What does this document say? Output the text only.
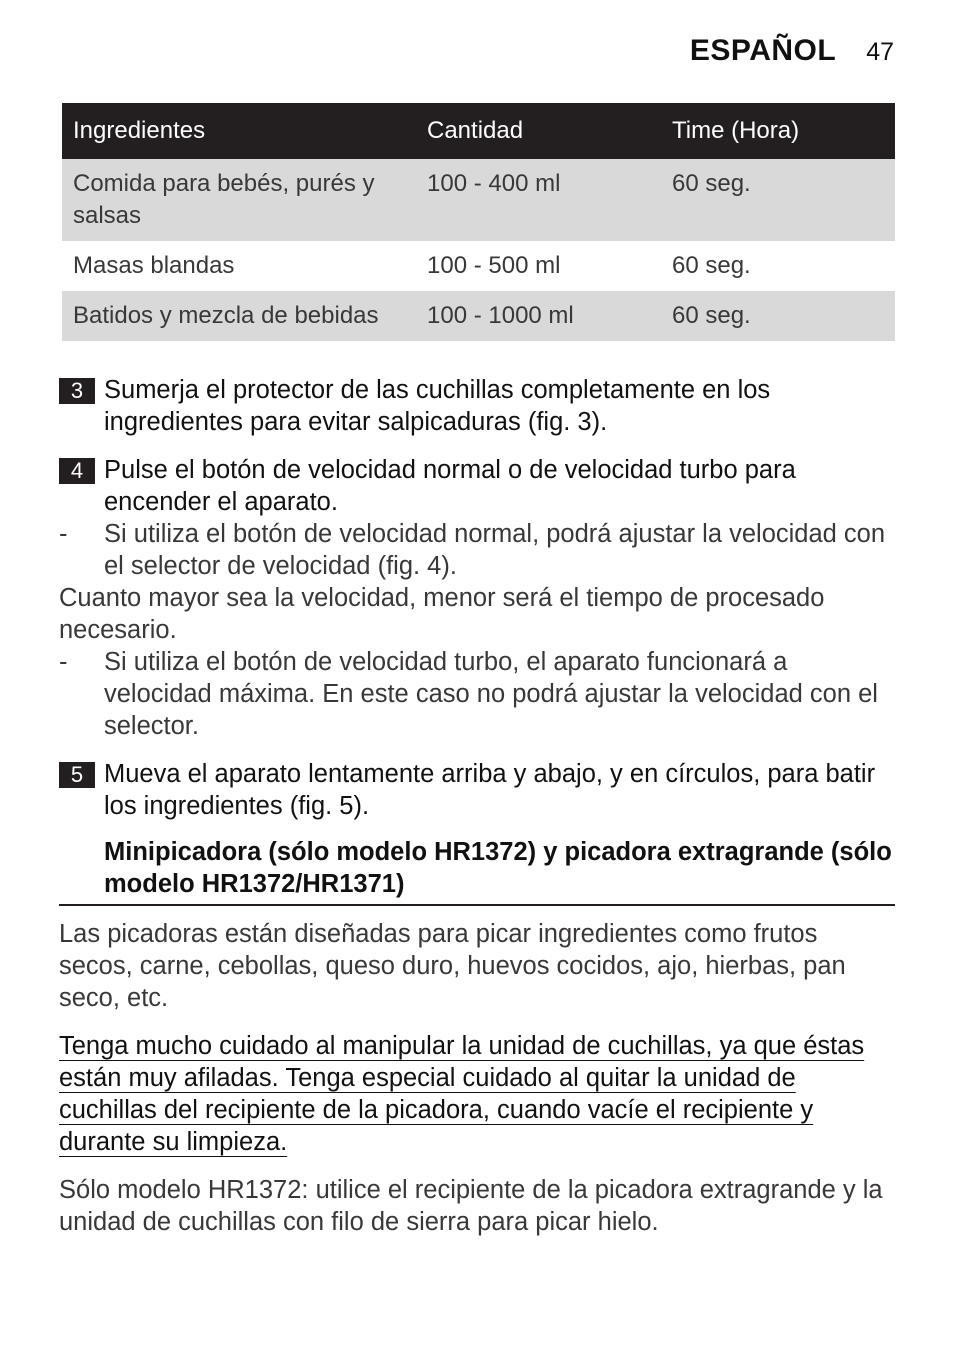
ESPAÑOL 47
Ingredientes	Cantidad	Time (Hora)
Comida para bebés, purés y salsas	100 - 400 ml	60 seg.
Masas blandas	100 - 500 ml	60 seg.
Batidos y mezcla de bebidas	100 - 1000 ml	60 seg.
3 Sumerja el protector de las cuchillas completamente en los ingredientes para evitar salpicaduras (fig. 3).
4 Pulse el botón de velocidad normal o de velocidad turbo para encender el aparato.
- Si utiliza el botón de velocidad normal, podrá ajustar la velocidad con el selector de velocidad (fig. 4).
Cuanto mayor sea la velocidad, menor será el tiempo de procesado necesario.
- Si utiliza el botón de velocidad turbo, el aparato funcionará a velocidad máxima. En este caso no podrá ajustar la velocidad con el selector.
5 Mueva el aparato lentamente arriba y abajo, y en círculos, para batir los ingredientes (fig. 5).
Minipicadora (sólo modelo HR1372) y picadora extragrande (sólo modelo HR1372/HR1371)
Las picadoras están diseñadas para picar ingredientes como frutos secos, carne, cebollas, queso duro, huevos cocidos, ajo, hierbas, pan seco, etc.
Tenga mucho cuidado al manipular la unidad de cuchillas, ya que éstas están muy afiladas. Tenga especial cuidado al quitar la unidad de cuchillas del recipiente de la picadora, cuando vacíe el recipiente y durante su limpieza.
Sólo modelo HR1372: utilice el recipiente de la picadora extragrande y la unidad de cuchillas con filo de sierra para picar hielo.
